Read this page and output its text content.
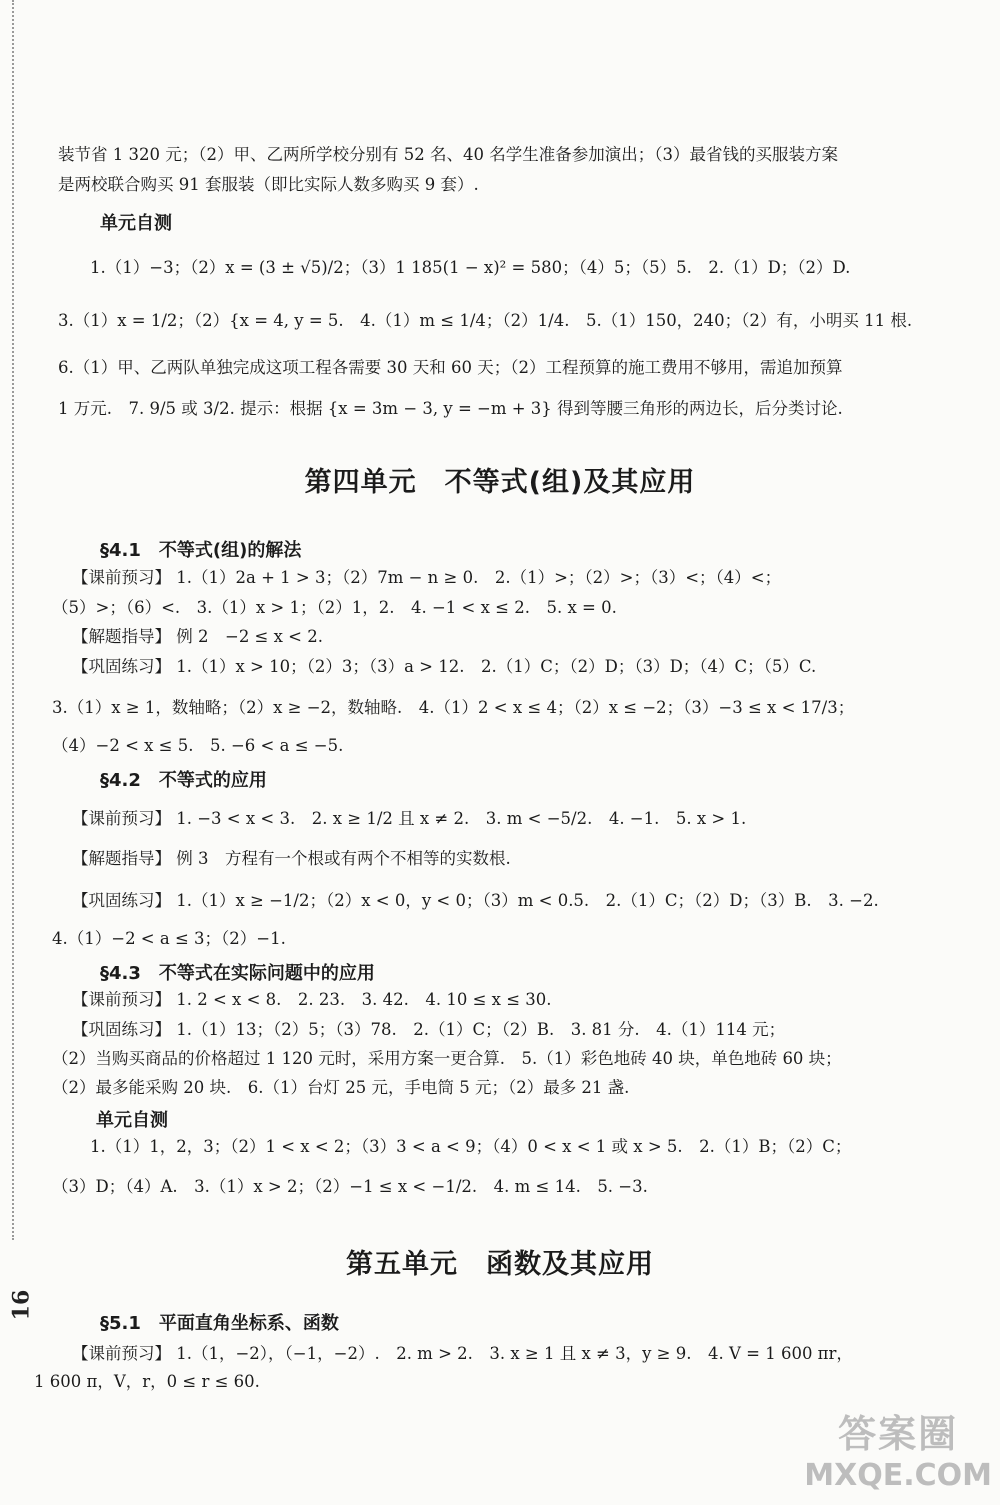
装节省 1 320 元；（2）甲、乙两所学校分别有 52 名、40 名学生准备参加演出；（3）最省钱的买服装方案
是两校联合购买 91 套服装（即比实际人数多购买 9 套）.
单元自测
1.（1）−3；（2）x = (3 ± √5)/2；（3）1 185(1 − x)² = 580；（4）5；（5）5.　2.（1）D；（2）D.
3.（1）x = 1/2；（2）{x = 4, y = 5.　4.（1）m ≤ 1/4；（2）1/4.　5.（1）150，240；（2）有，小明买 11 根.
6.（1）甲、乙两队单独完成这项工程各需要 30 天和 60 天；（2）工程预算的施工费用不够用，需追加预算
1 万元.　7. 9/5 或 3/2. 提示：根据 {x = 3m − 3, y = −m + 3} 得到等腰三角形的两边长，后分类讨论.
第四单元　不等式(组)及其应用
§4.1　不等式(组)的解法
【课前预习】 1.（1）2a + 1 > 3；（2）7m − n ≥ 0.　2.（1）>；（2）>；（3）<；（4）<；
（5）>；（6）<.　3.（1）x > 1；（2）1，2.　4. −1 < x ≤ 2.　5. x = 0.
【解题指导】 例 2　−2 ≤ x < 2.
【巩固练习】 1.（1）x > 10；（2）3；（3）a > 12.　2.（1）C；（2）D；（3）D；（4）C；（5）C.
3.（1）x ≥ 1，数轴略；（2）x ≥ −2，数轴略.　4.（1）2 < x ≤ 4；（2）x ≤ −2；（3）−3 ≤ x < 17/3；
（4）−2 < x ≤ 5.　5. −6 < a ≤ −5.
§4.2　不等式的应用
【课前预习】 1. −3 < x < 3.　2. x ≥ 1/2 且 x ≠ 2.　3. m < −5/2.　4. −1.　5. x > 1.
【解题指导】 例 3　方程有一个根或有两个不相等的实数根.
【巩固练习】 1.（1）x ≥ −1/2；（2）x < 0，y < 0；（3）m < 0.5.　2.（1）C；（2）D；（3）B.　3. −2.
4.（1）−2 < a ≤ 3；（2）−1.
§4.3　不等式在实际问题中的应用
【课前预习】 1. 2 < x < 8.　2. 23.　3. 42.　4. 10 ≤ x ≤ 30.
【巩固练习】 1.（1）13；（2）5；（3）78.　2.（1）C；（2）B.　3. 81 分.　4.（1）114 元；
（2）当购买商品的价格超过 1 120 元时，采用方案一更合算.　5.（1）彩色地砖 40 块，单色地砖 60 块；
（2）最多能采购 20 块.　6.（1）台灯 25 元，手电筒 5 元；（2）最多 21 盏.
单元自测
1.（1）1，2，3；（2）1 < x < 2；（3）3 < a < 9；（4）0 < x < 1 或 x > 5.　2.（1）B；（2）C；
（3）D；（4）A.　3.（1）x > 2；（2）−1 ≤ x < −1/2.　4. m ≤ 14.　5. −3.
第五单元　函数及其应用
§5.1　平面直角坐标系、函数
【课前预习】 1.（1，−2），（−1，−2）.　2. m > 2.　3. x ≥ 1 且 x ≠ 3，y ≥ 9.　4. V = 1 600 πr，
1 600 π，V，r，0 ≤ r ≤ 60.
16
答案圈
MXQE.COM
